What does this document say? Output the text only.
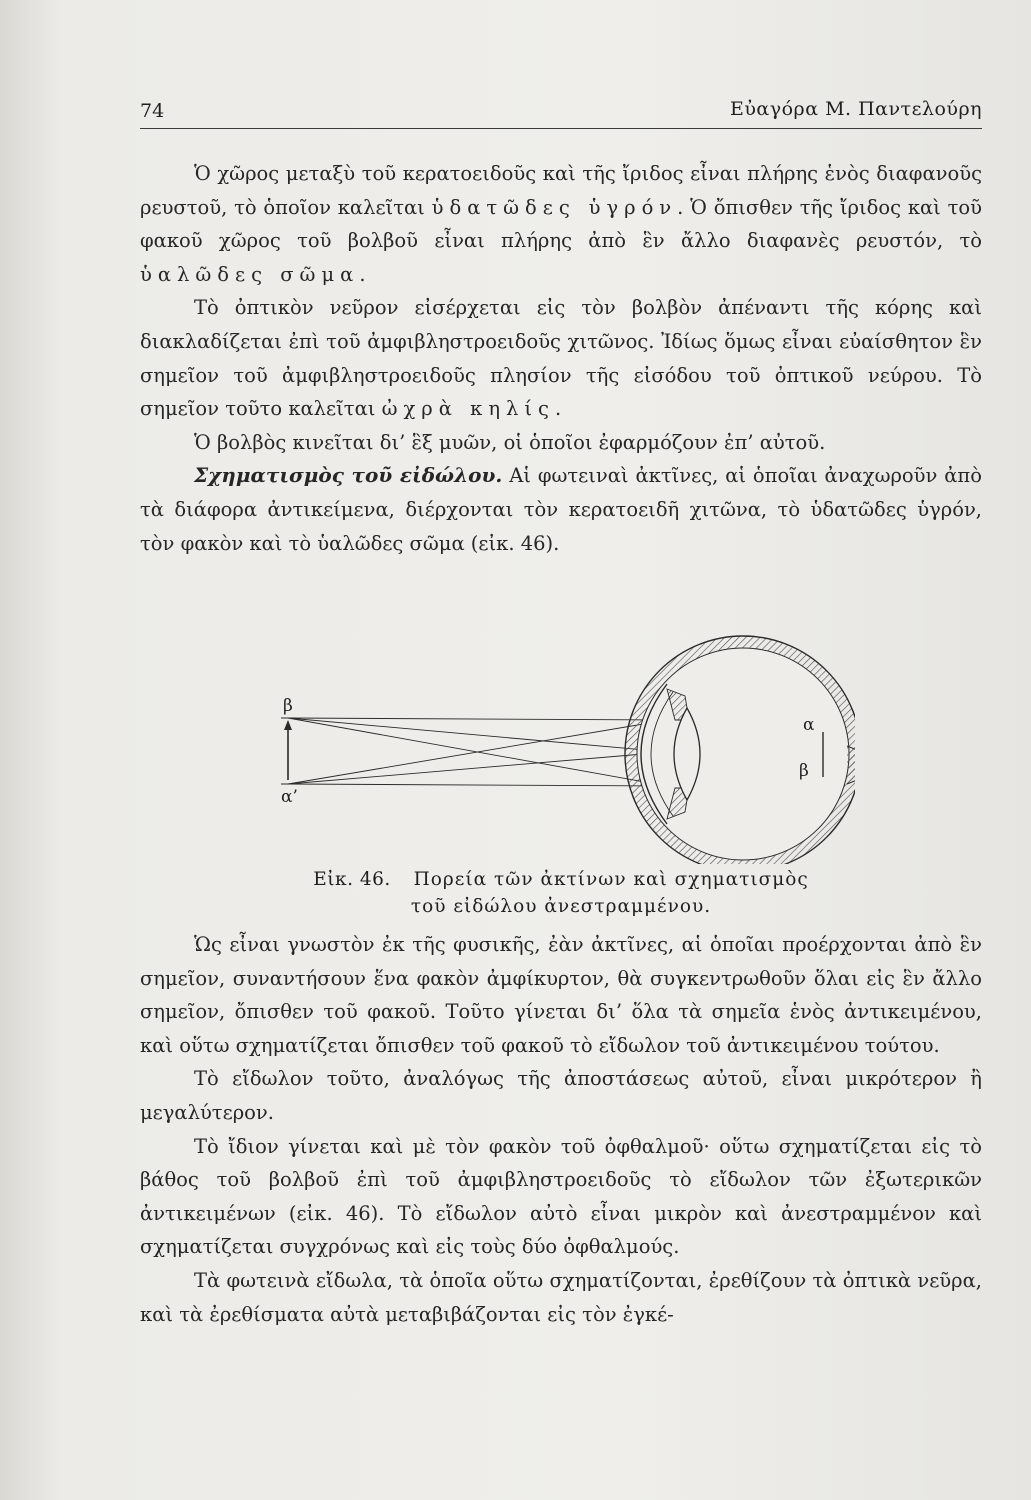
74	Εὐαγόρα Μ. Παντελούρη

Ὁ χῶρος μεταξὺ τοῦ κερατοειδοῦς καὶ τῆς ἴριδος εἶναι πλήρης ἑνὸς διαφανοῦς ρευστοῦ, τὸ ὁποῖον καλεῖται ὑδατῶδες ὑγρόν. Ὁ ὄπισθεν τῆς ἴριδος καὶ τοῦ φακοῦ χῶρος τοῦ βολβοῦ εἶναι πλήρης ἀπὸ ἓν ἄλλο διαφανὲς ρευστόν, τὸ ὑαλῶδες σῶμα.

Τὸ ὀπτικὸν νεῦρον εἰσέρχεται εἰς τὸν βολβὸν ἀπέναντι τῆς κόρης καὶ διακλαδίζεται ἐπὶ τοῦ ἀμφιβληστροειδοῦς χιτῶνος. Ἰδίως ὅμως εἶναι εὐαίσθητον ἓν σημεῖον τοῦ ἀμφιβληστροειδοῦς πλησίον τῆς εἰσόδου τοῦ ὀπτικοῦ νεύρου. Τὸ σημεῖον τοῦτο καλεῖται ὠχρὰ κηλίς.

Ὁ βολβὸς κινεῖται δι’ ἓξ μυῶν, οἱ ὁποῖοι ἐφαρμόζουν ἐπ’ αὐτοῦ.

Σχηματισμὸς τοῦ εἰδώλου. Αἱ φωτειναὶ ἀκτῖνες, αἱ ὁποῖαι ἀναχωροῦν ἀπὸ τὰ διάφορα ἀντικείμενα, διέρχονται τὸν κερατοειδῆ χιτῶνα, τὸ ὑδατῶδες ὑγρόν, τὸν φακὸν καὶ τὸ ὑαλῶδες σῶμα (εἰκ. 46).

β
α’
α
β
Εἰκ. 46. Πορεία τῶν ἀκτίνων καὶ σχηματισμὸς
τοῦ εἰδώλου ἀνεστραμμένου.

Ὡς εἶναι γνωστὸν ἐκ τῆς φυσικῆς, ἐὰν ἀκτῖνες, αἱ ὁποῖαι προέρχονται ἀπὸ ἓν σημεῖον, συναντήσουν ἕνα φακὸν ἀμφίκυρτον, θὰ συγκεντρωθοῦν ὅλαι εἰς ἓν ἄλλο σημεῖον, ὄπισθεν τοῦ φακοῦ. Τοῦτο γίνεται δι’ ὅλα τὰ σημεῖα ἑνὸς ἀντικειμένου, καὶ οὕτω σχηματίζεται ὄπισθεν τοῦ φακοῦ τὸ εἴδωλον τοῦ ἀντικειμένου τούτου.

Τὸ εἴδωλον τοῦτο, ἀναλόγως τῆς ἀποστάσεως αὐτοῦ, εἶναι μικρότερον ἢ μεγαλύτερον.

Τὸ ἴδιον γίνεται καὶ μὲ τὸν φακὸν τοῦ ὀφθαλμοῦ· οὕτω σχηματίζεται εἰς τὸ βάθος τοῦ βολβοῦ ἐπὶ τοῦ ἀμφιβληστροειδοῦς τὸ εἴδωλον τῶν ἐξωτερικῶν ἀντικειμένων (εἰκ. 46). Τὸ εἴδωλον αὐτὸ εἶναι μικρὸν καὶ ἀνεστραμμένον καὶ σχηματίζεται συγχρόνως καὶ εἰς τοὺς δύο ὀφθαλμούς.

Τὰ φωτεινὰ εἴδωλα, τὰ ὁποῖα οὕτω σχηματίζονται, ἐρεθίζουν τὰ ὀπτικὰ νεῦρα, καὶ τὰ ἐρεθίσματα αὐτὰ μεταβιβάζονται εἰς τὸν ἐγκέ-
